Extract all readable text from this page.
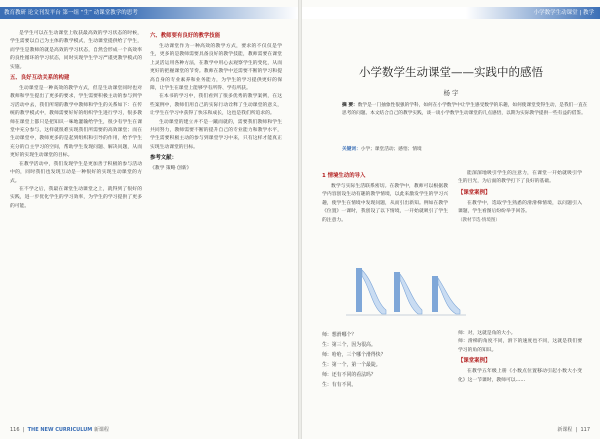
教育教研 论文刊发平台 第一组 “生” 动课堂教学的思考

是学生可以在生动课堂上收获最高效的学习状态的时候，学生需要以自己为主体的教学模式，生动课堂提供给了学生，而学生是教师的就是高效的学习状态，自然会形成一个高效率的良性循环的学习状态，同时实现学生学习严谨更教学模式的实施。

五、良好互动关系的构建

生动课堂是一种高效的教学方式，但是生动课堂同时也对教师和学生提出了更多的要求，学生需要积极主动的参与到学习活动中去，我们所谓的教学中教师和学生的关系如下：在传统的教学模式中，教师需要好好的组织学生进行学习，很多教师在课堂上都只是把知识一味地灌输给学生，很少有学生在课堂中充分参与，这样就很难实现我们所需要的高效课堂；而在生动课堂中，教师更多的是起到组织和引导的作用，给予学生充分的自主学习的空间，帮助学生发现问题、解决问题，从而更好的实现生动课堂的目标。

在教学活动中，我们发现学生是更加善于积极的参与活动中的，同时我们也发现互动是一种很好的实现生动课堂的方式。

在不学之后，我最在课堂生动课堂之上，就得到了很好的实践，进一步优化学生的学习效率，为学生的学习提供了更多的可能。

六、教师要有良好的教学技能

生动课堂作为一种高效的教学方式，要求的不仅仅是学生，更多的是教师需要具备良好的教学技能，教师需要在课堂上灵活运用各种方法，在教学中用心去观察学生的变化，从而更好的把握课堂的节奏。教师在教学中还需要不断的学习和提高自身的专业素养和业务能力，为学生的学习提供更好的保障，让学生在课堂上能够学有所得、学有所获。

在本书的学习中，我们看到了很多优秀的教学案例，在这些案例中，教师们用自己的实际行动诠释了生动课堂的意义，让学生在学习中获得了快乐和成长，这也是我们所追求的。

生动课堂的建立并不是一蹴而就的，需要我们教师和学生共同努力，教师需要不断的提升自己的专业能力和教学水平，学生需要积极主动的参与到课堂学习中来，只有这样才能真正实现生动课堂的目标。

参考文献：
《教学 策略 创新》
116  |  THE NEW CURRICULUM 新课程
小学数学生动课堂 | 教学
小学数学生动课堂——实践中的感悟
杨 宇
摘 要：数学是一门抽象性很强的学科，如何在小学数学中让学生感受数学的乐趣，如何使课堂变得生动，是我们一直在思考的问题。本文结合自己的教学实践，谈一谈小学数学生动课堂的几点感悟，以期为实际教学提供一些有益的借鉴。
关键词：小学；课堂活动；感悟；情境
1 情境生动的导入

数学与实际生活联系密切。在教学中，教师可以根据教学内容创设生动有趣的教学情境，以此来激发学生的学习兴趣，使学生在情境中发现问题，从而引出新知。例如在教学《位置》一课时，我创设了以下情境，一开始就吸引了学生的注意力。

能深深地吸引学生的注意力，在课堂一开始就吸引学生的目光，为后面的教学打下了良好的基础。

【课堂案例】

在教学中，选取学生熟悉的滑滑梯情境，以问题引入课题，学生看图后纷纷举手回答。

（教材节选·情境图）
师：想滑哪个？
生：第三个，因为很高。
师：哈哈，三个哪个滑得快？
生：第一个，第一个最陡。
师：还有不同的看法吗？
生：有有不同。
师：对，这就是角的大小。
师：滑梯的角度不同，滑下的速度也不同，这就是我们要学习的角的知识。
【课堂案例】

在教学五年级上册《小数点位置移动引起小数大小变化》这一节课时，教师可以……

新课程  |  117
